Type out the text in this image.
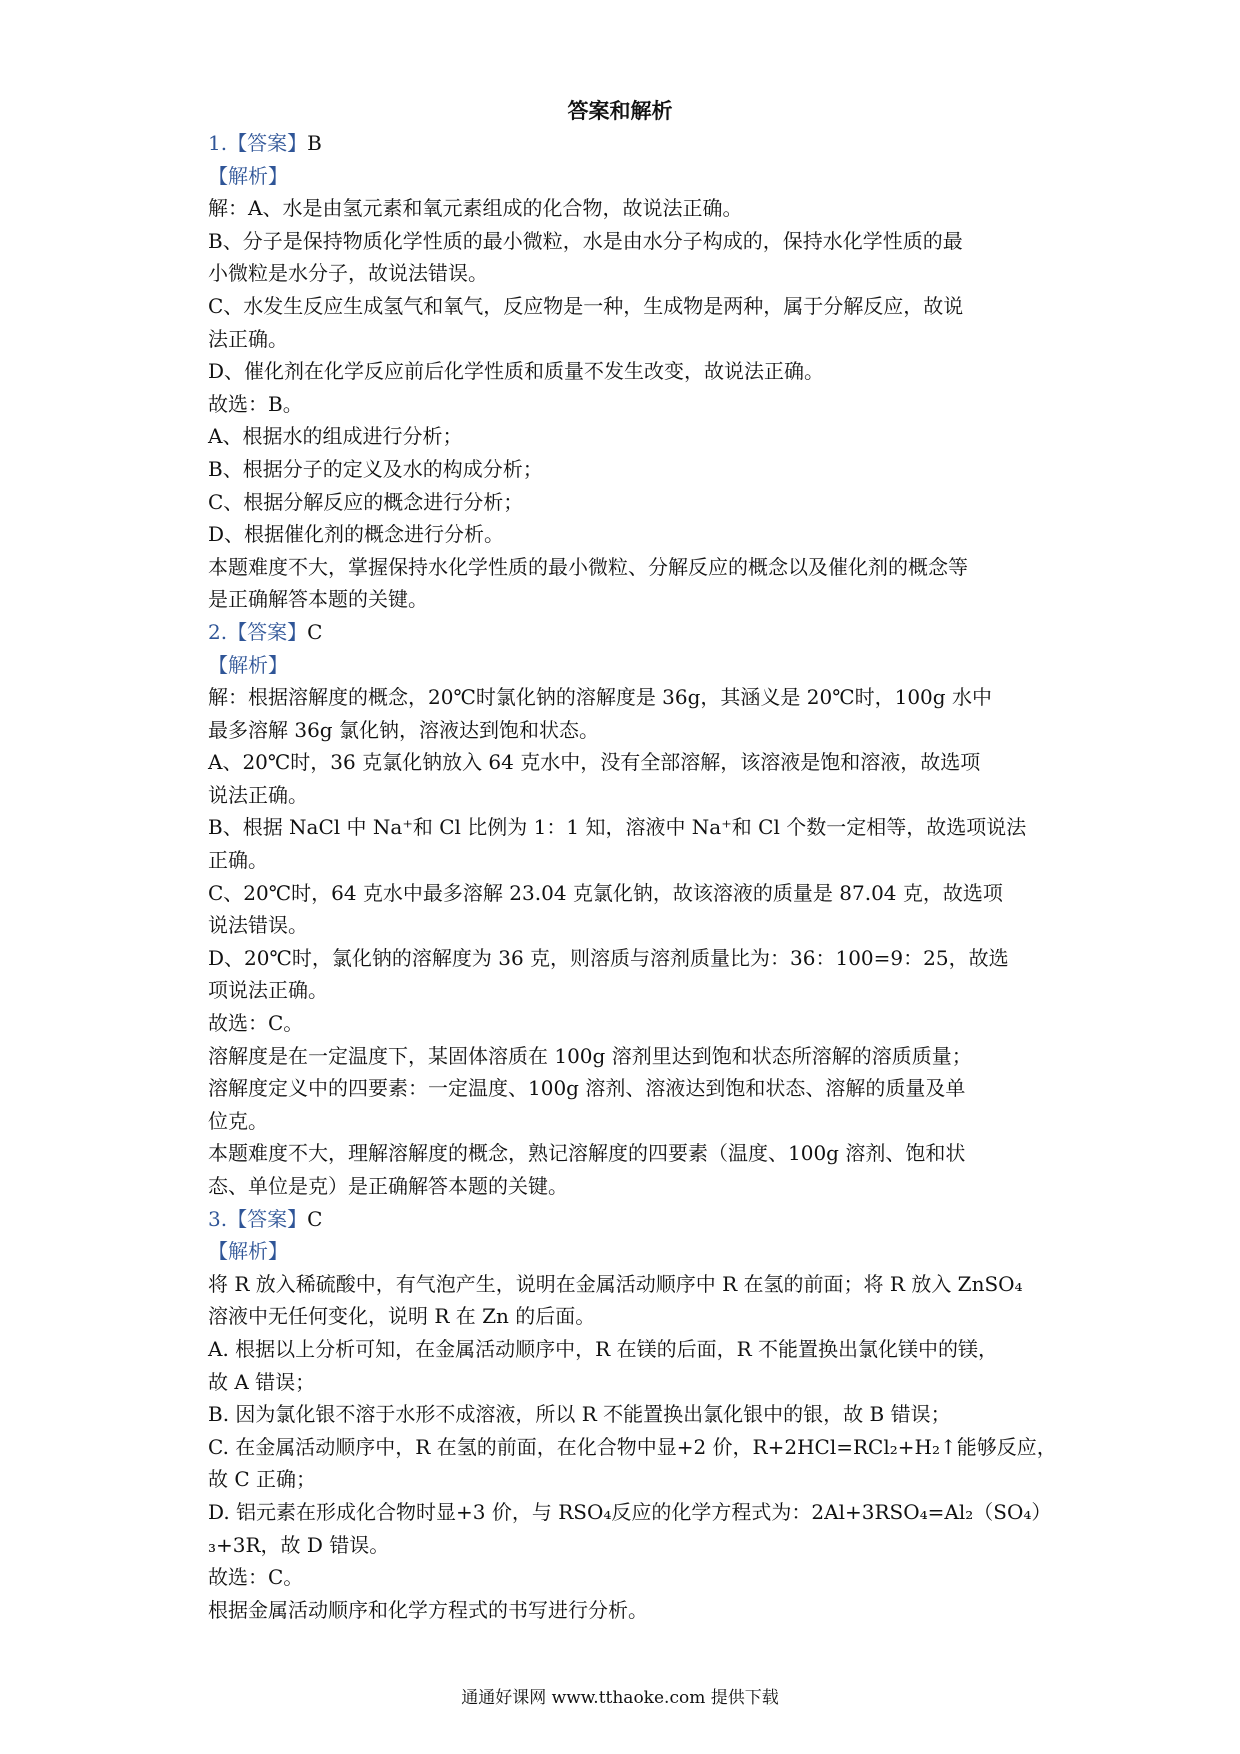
答案和解析
1.【答案】B
【解析】
解：A、水是由氢元素和氧元素组成的化合物，故说法正确。
B、分子是保持物质化学性质的最小微粒，水是由水分子构成的，保持水化学性质的最
小微粒是水分子，故说法错误。
C、水发生反应生成氢气和氧气，反应物是一种，生成物是两种，属于分解反应，故说
法正确。
D、催化剂在化学反应前后化学性质和质量不发生改变，故说法正确。
故选：B。
A、根据水的组成进行分析；
B、根据分子的定义及水的构成分析；
C、根据分解反应的概念进行分析；
D、根据催化剂的概念进行分析。
本题难度不大，掌握保持水化学性质的最小微粒、分解反应的概念以及催化剂的概念等
是正确解答本题的关键。
2.【答案】C
【解析】
解：根据溶解度的概念，20℃时氯化钠的溶解度是 36g，其涵义是 20℃时，100g 水中
最多溶解 36g 氯化钠，溶液达到饱和状态。
A、20℃时，36 克氯化钠放入 64 克水中，没有全部溶解，该溶液是饱和溶液，故选项
说法正确。
B、根据 NaCl 中 Na⁺和 Cl 比例为 1：1 知，溶液中 Na⁺和 Cl 个数一定相等，故选项说法
正确。
C、20℃时，64 克水中最多溶解 23.04 克氯化钠，故该溶液的质量是 87.04 克，故选项
说法错误。
D、20℃时，氯化钠的溶解度为 36 克，则溶质与溶剂质量比为：36：100=9：25，故选
项说法正确。
故选：C。
溶解度是在一定温度下，某固体溶质在 100g 溶剂里达到饱和状态所溶解的溶质质量；
溶解度定义中的四要素：一定温度、100g 溶剂、溶液达到饱和状态、溶解的质量及单
位克。
本题难度不大，理解溶解度的概念，熟记溶解度的四要素（温度、100g 溶剂、饱和状
态、单位是克）是正确解答本题的关键。
3.【答案】C
【解析】
将 R 放入稀硫酸中，有气泡产生，说明在金属活动顺序中 R 在氢的前面；将 R 放入 ZnSO₄
溶液中无任何变化，说明 R 在 Zn 的后面。
A. 根据以上分析可知，在金属活动顺序中，R 在镁的后面，R 不能置换出氯化镁中的镁，
故 A 错误；
B. 因为氯化银不溶于水形不成溶液，所以 R 不能置换出氯化银中的银，故 B 错误；
C. 在金属活动顺序中，R 在氢的前面，在化合物中显+2 价，R+2HCl=RCl₂+H₂↑能够反应，
故 C 正确；
D. 铝元素在形成化合物时显+3 价，与 RSO₄反应的化学方程式为：2Al+3RSO₄=Al₂（SO₄）
₃+3R，故 D 错误。
故选：C。
根据金属活动顺序和化学方程式的书写进行分析。
通通好课网 www.tthaoke.com 提供下载
